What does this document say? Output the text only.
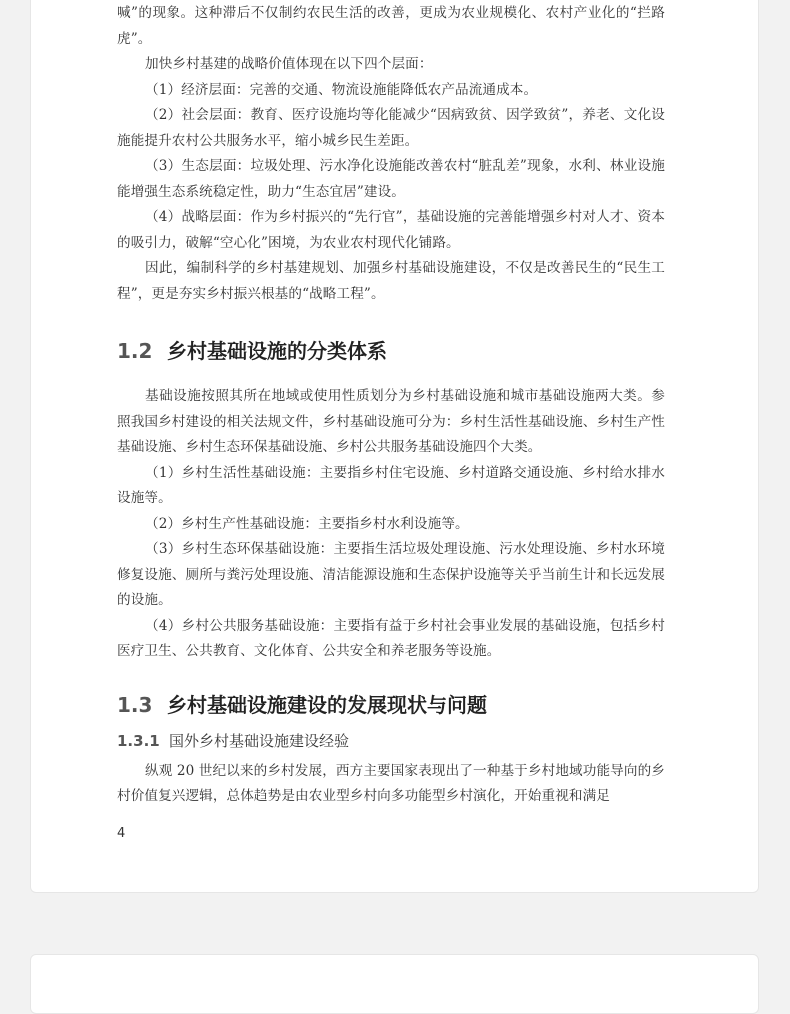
喊”的现象。这种滞后不仅制约农民生活的改善，更成为农业规模化、农村产业化的“拦路虎”。

加快乡村基建的战略价值体现在以下四个层面：

（1）经济层面：完善的交通、物流设施能降低农产品流通成本。

（2）社会层面：教育、医疗设施均等化能减少“因病致贫、因学致贫”，养老、文化设施能提升农村公共服务水平，缩小城乡民生差距。

（3）生态层面：垃圾处理、污水净化设施能改善农村“脏乱差”现象，水利、林业设施能增强生态系统稳定性，助力“生态宜居”建设。

（4）战略层面：作为乡村振兴的“先行官”，基础设施的完善能增强乡村对人才、资本的吸引力，破解“空心化”困境，为农业农村现代化铺路。

因此，编制科学的乡村基建规划、加强乡村基础设施建设，不仅是改善民生的“民生工程”，更是夯实乡村振兴根基的“战略工程”。

1.2 乡村基础设施的分类体系

基础设施按照其所在地域或使用性质划分为乡村基础设施和城市基础设施两大类。参照我国乡村建设的相关法规文件，乡村基础设施可分为：乡村生活性基础设施、乡村生产性基础设施、乡村生态环保基础设施、乡村公共服务基础设施四个大类。

（1）乡村生活性基础设施：主要指乡村住宅设施、乡村道路交通设施、乡村给水排水设施等。

（2）乡村生产性基础设施：主要指乡村水利设施等。

（3）乡村生态环保基础设施：主要指生活垃圾处理设施、污水处理设施、乡村水环境修复设施、厕所与粪污处理设施、清洁能源设施和生态保护设施等关乎当前生计和长远发展的设施。

（4）乡村公共服务基础设施：主要指有益于乡村社会事业发展的基础设施，包括乡村医疗卫生、公共教育、文化体育、公共安全和养老服务等设施。

1.3 乡村基础设施建设的发展现状与问题
1.3.1 国外乡村基础设施建设经验

纵观 20 世纪以来的乡村发展，西方主要国家表现出了一种基于乡村地域功能导向的乡村价值复兴逻辑，总体趋势是由农业型乡村向多功能型乡村演化，开始重视和满足

4
